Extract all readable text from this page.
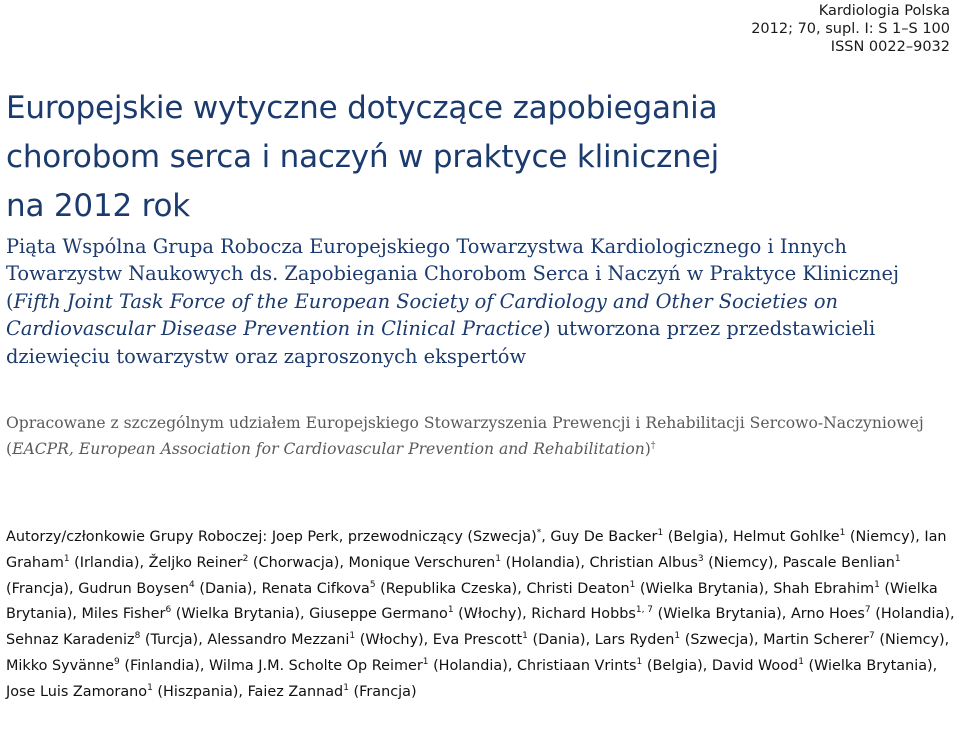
Kardiologia Polska
2012; 70, supl. I: S 1–S 100
ISSN 0022–9032
Europejskie wytyczne dotyczące zapobiegania
chorobom serca i naczyń w praktyce klinicznej
na 2012 rok
Piąta Wspólna Grupa Robocza Europejskiego Towarzystwa Kardiologicznego i Innych Towarzystw Naukowych ds. Zapobiegania Chorobom Serca i Naczyń w Praktyce Klinicznej (Fifth Joint Task Force of the European Society of Cardiology and Other Societies on Cardiovascular Disease Prevention in Clinical Practice) utworzona przez przedstawicieli dziewięciu towarzystw oraz zaproszonych ekspertów
Opracowane z szczególnym udziałem Europejskiego Stowarzyszenia Prewencji i Rehabilitacji Sercowo-Naczyniowej (EACPR, European Association for Cardiovascular Prevention and Rehabilitation)†
Autorzy/członkowie Grupy Roboczej: Joep Perk, przewodniczący (Szwecja)*, Guy De Backer$^1$ (Belgia), Helmut Gohlke$^1$ (Niemcy), Ian Graham$^1$ (Irlandia), Željko Reiner$^2$ (Chorwacja), Monique Verschuren$^1$ (Holandia), Christian Albus$^3$ (Niemcy), Pascale Benlian$^1$ (Francja), Gudrun Boysen$^4$ (Dania), Renata Cifkova$^5$ (Republika Czeska), Christi Deaton$^1$ (Wielka Brytania), Shah Ebrahim$^1$ (Wielka Brytania), Miles Fisher$^6$ (Wielka Brytania), Giuseppe Germano$^1$ (Włochy), Richard Hobbs$^{1, 7}$ (Wielka Brytania), Arno Hoes$^7$ (Holandia), Sehnaz Karadeniz$^8$ (Turcja), Alessandro Mezzani$^1$ (Włochy), Eva Prescott$^1$ (Dania), Lars Ryden$^1$ (Szwecja), Martin Scherer$^7$ (Niemcy), Mikko Syvänne$^9$ (Finlandia), Wilma J.M. Scholte Op Reimer$^1$ (Holandia), Christiaan Vrints$^1$ (Belgia), David Wood$^1$ (Wielka Brytania), Jose Luis Zamorano$^1$ (Hiszpania), Faiez Zannad$^1$ (Francja)
